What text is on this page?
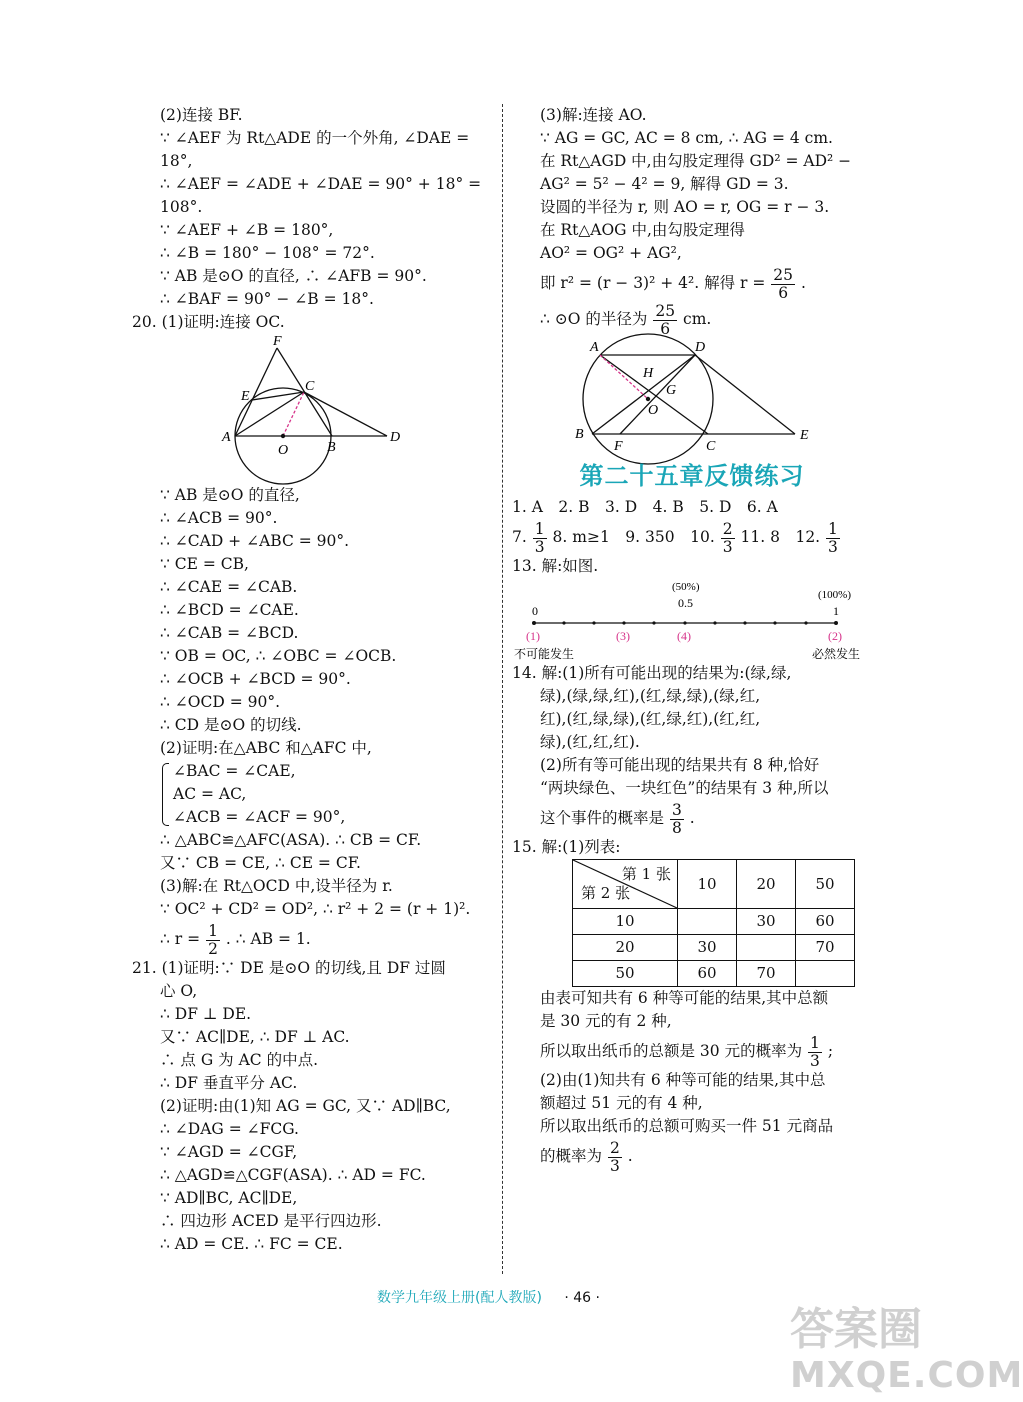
(2)连接 BF.
∵ ∠AEF 为 Rt△ADE 的一个外角, ∠DAE =
18°,
∴ ∠AEF = ∠ADE + ∠DAE = 90° + 18° =
108°.
∵ ∠AEF + ∠B = 180°,
∴ ∠B = 180° − 108° = 72°.
∵ AB 是⊙O 的直径, ∴ ∠AFB = 90°.
∴ ∠BAF = 90° − ∠B = 18°.
20. (1)证明:连接 OC.
F
E
C
A
O	B
D
∵ AB 是⊙O 的直径,
∴ ∠ACB = 90°.
∴ ∠CAD + ∠ABC = 90°.
∵ CE = CB,
∴ ∠CAE = ∠CAB.
∴ ∠BCD = ∠CAE.
∴ ∠CAB = ∠BCD.
∵ OB = OC, ∴ ∠OBC = ∠OCB.
∴ ∠OCB + ∠BCD = 90°.
∴ ∠OCD = 90°.
∴ CD 是⊙O 的切线.
(2)证明:在△ABC 和△AFC 中,
∠BAC = ∠CAE,
AC = AC,
∠ACB = ∠ACF = 90°,
∴ △ABC≌△AFC(ASA). ∴ CB = CF.
又∵ CB = CE, ∴ CE = CF.
(3)解:在 Rt△OCD 中,设半径为 r.
∵ OC² + CD² = OD², ∴ r² + 2 = (r + 1)².
∴ $r = \frac{1}{2}$ . ∴ AB = 1.
21. (1)证明:∵ DE 是⊙O 的切线,且 DF 过圆
心 O,
∴ DF ⊥ DE.
又∵ AC∥DE, ∴ DF ⊥ AC.
∴ 点 G 为 AC 的中点.
∴ DF 垂直平分 AC.
(2)证明:由(1)知 AG = GC, 又∵ AD∥BC,
∴ ∠DAG = ∠FCG.
∵ ∠AGD = ∠CGF,
∴ △AGD≌△CGF(ASA). ∴ AD = FC.
∵ AD∥BC, AC∥DE,
∴ 四边形 ACED 是平行四边形.
∴ AD = CE. ∴ FC = CE.
(3)解:连接 AO.
∵ AG = GC, AC = 8 cm, ∴ AG = 4 cm.
在 Rt△AGD 中,由勾股定理得 GD² = AD² −
AG² = 5² − 4² = 9, 解得 GD = 3.
设圆的半径为 r, 则 AO = r, OG = r − 3.
在 Rt△AOG 中,由勾股定理得
AO² = OG² + AG²,
即 r² = (r − 3)² + 4². 解得 $r = \frac{25}{6}$ .
∴ ⊙O 的半径为 $\frac{25}{6}$ cm.
A	D
H
G
O
B
F	C
E
第二十五章反馈练习
1. A　2. B　3. D　4. B　5. D　6. A
7. $\frac{1}{3} 8$. m≥1　9. 350　10. $\frac{2}{3} 11$. 8　12. $\frac{1}{3}$
13. 解:如图.
(50%)
0.5
(100%)
0	1
(1)	(3)	(4)	(2)
不可能发生	必然发生
14. 解:(1)所有可能出现的结果为:(绿,绿,
绿),(绿,绿,红),(红,绿,绿),(绿,红,
红),(红,绿,绿),(红,绿,红),(红,红,
绿),(红,红,红).
(2)所有等可能出现的结果共有 8 种,恰好
“两块绿色、一块红色”的结果有 3 种,所以
这个事件的概率是 $\frac{3}{8}$ .
15. 解:(1)列表:
第 1 张
第 2 张	10	20	50
10		30	60
20	30		70
50	60	70	
由表可知共有 6 种等可能的结果,其中总额
是 30 元的有 2 种,
所以取出纸币的总额是 30 元的概率为 $\frac{1}{3}$ ;
(2)由(1)知共有 6 种等可能的结果,其中总
额超过 51 元的有 4 种,
所以取出纸币的总额可购买一件 51 元商品
的概率为 $\frac{2}{3}$ .
数学九年级上册(配人教版) · 46 ·
答案圈
MXQE.COM
